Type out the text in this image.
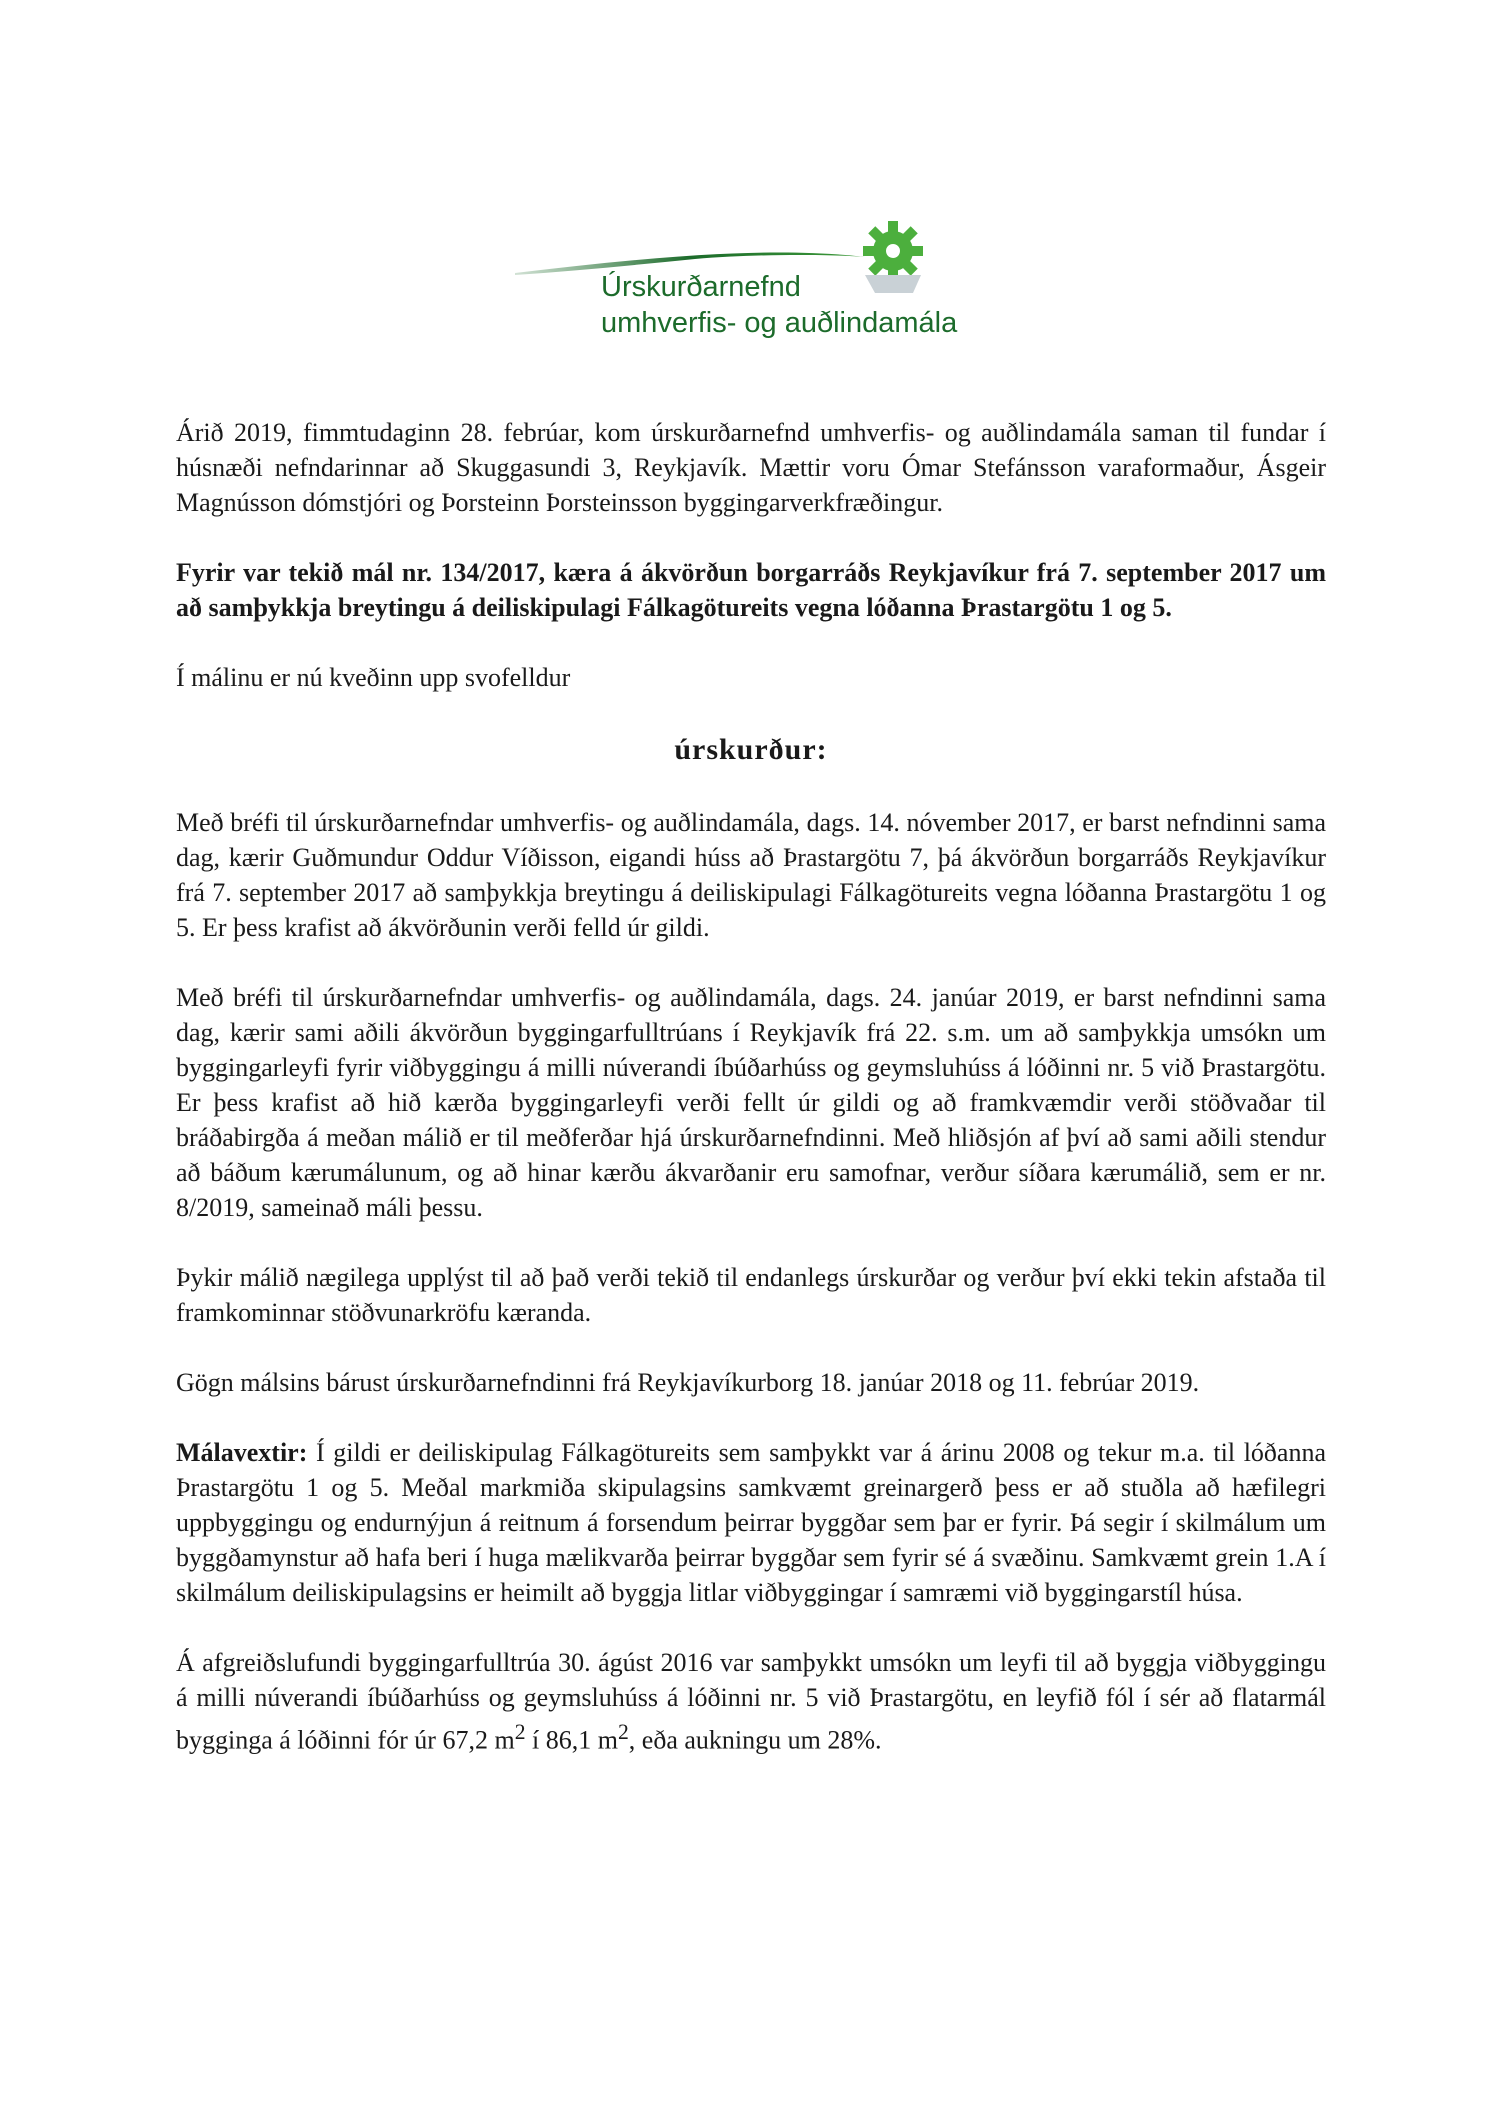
Úrskurðarnefnd
umhverfis- og auðlindamála

Árið 2019, fimmtudaginn 28. febrúar, kom úrskurðarnefnd umhverfis- og auðlindamála saman til fundar í húsnæði nefndarinnar að Skuggasundi 3, Reykjavík. Mættir voru Ómar Stefánsson varaformaður, Ásgeir Magnússon dómstjóri og Þorsteinn Þorsteinsson byggingarverkfræðingur.

Fyrir var tekið mál nr. 134/2017, kæra á ákvörðun borgarráðs Reykjavíkur frá 7. september 2017 um að samþykkja breytingu á deiliskipulagi Fálkagötureits vegna lóðanna Þrastargötu 1 og 5.

Í málinu er nú kveðinn upp svofelldur

úrskurður:

Með bréfi til úrskurðarnefndar umhverfis- og auðlindamála, dags. 14. nóvember 2017, er barst nefndinni sama dag, kærir Guðmundur Oddur Víðisson, eigandi húss að Þrastargötu 7, þá ákvörðun borgarráðs Reykjavíkur frá 7. september 2017 að samþykkja breytingu á deiliskipulagi Fálkagötureits vegna lóðanna Þrastargötu 1 og 5. Er þess krafist að ákvörðunin verði felld úr gildi.

Með bréfi til úrskurðarnefndar umhverfis- og auðlindamála, dags. 24. janúar 2019, er barst nefndinni sama dag, kærir sami aðili ákvörðun byggingarfulltrúans í Reykjavík frá 22. s.m. um að samþykkja umsókn um byggingarleyfi fyrir viðbyggingu á milli núverandi íbúðarhúss og geymsluhúss á lóðinni nr. 5 við Þrastargötu. Er þess krafist að hið kærða byggingarleyfi verði fellt úr gildi og að framkvæmdir verði stöðvaðar til bráðabirgða á meðan málið er til meðferðar hjá úrskurðarnefndinni. Með hliðsjón af því að sami aðili stendur að báðum kærumálunum, og að hinar kærðu ákvarðanir eru samofnar, verður síðara kærumálið, sem er nr. 8/2019, sameinað máli þessu.

Þykir málið nægilega upplýst til að það verði tekið til endanlegs úrskurðar og verður því ekki tekin afstaða til framkominnar stöðvunarkröfu kæranda.

Gögn málsins bárust úrskurðarnefndinni frá Reykjavíkurborg 18. janúar 2018 og 11. febrúar 2019.

Málavextir: Í gildi er deiliskipulag Fálkagötureits sem samþykkt var á árinu 2008 og tekur m.a. til lóðanna Þrastargötu 1 og 5. Meðal markmiða skipulagsins samkvæmt greinargerð þess er að stuðla að hæfilegri uppbyggingu og endurnýjun á reitnum á forsendum þeirrar byggðar sem þar er fyrir. Þá segir í skilmálum um byggðamynstur að hafa beri í huga mælikvarða þeirrar byggðar sem fyrir sé á svæðinu. Samkvæmt grein 1.A í skilmálum deiliskipulagsins er heimilt að byggja litlar viðbyggingar í samræmi við byggingarstíl húsa.

Á afgreiðslufundi byggingarfulltrúa 30. ágúst 2016 var samþykkt umsókn um leyfi til að byggja viðbyggingu á milli núverandi íbúðarhúss og geymsluhúss á lóðinni nr. 5 við Þrastargötu, en leyfið fól í sér að flatarmál bygginga á lóðinni fór úr 67,2 $m^2$ í 86,1 $m^2$, eða aukningu um 28%.
